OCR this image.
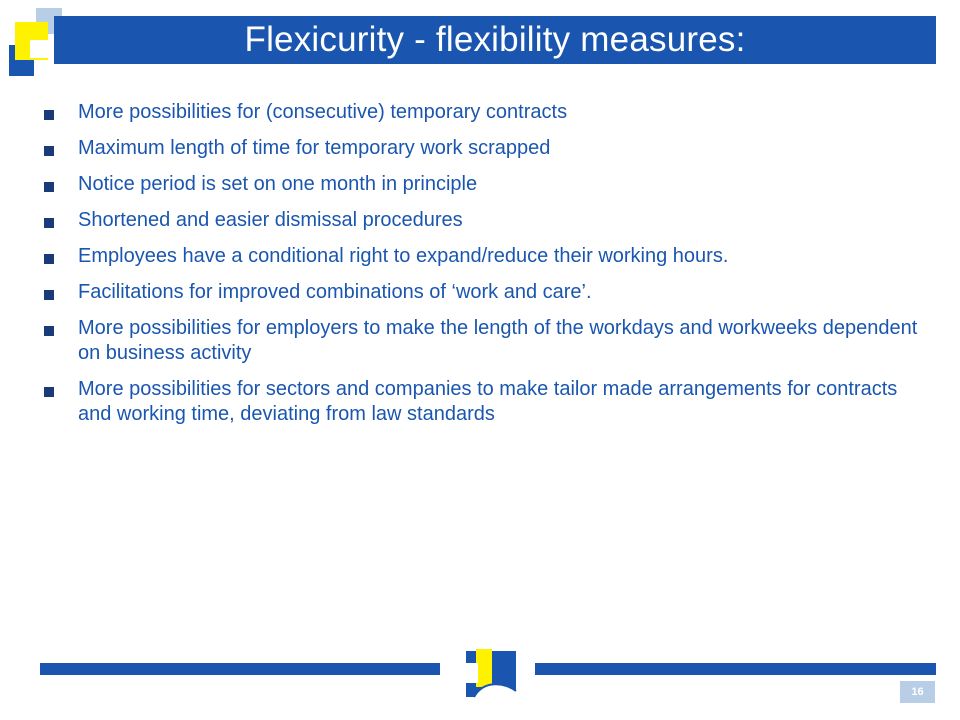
Flexicurity - flexibility measures:
More possibilities for (consecutive) temporary contracts
Maximum length of time for temporary work scrapped
Notice period is set on one month in principle
Shortened and easier dismissal procedures
Employees have a conditional right to expand/reduce their working hours.
Facilitations for improved combinations of ‘work and care’.
More possibilities for employers to make the length of the workdays and workweeks dependent on business activity
More possibilities for sectors and companies to make tailor made arrangements for contracts and working time, deviating from law standards
16
